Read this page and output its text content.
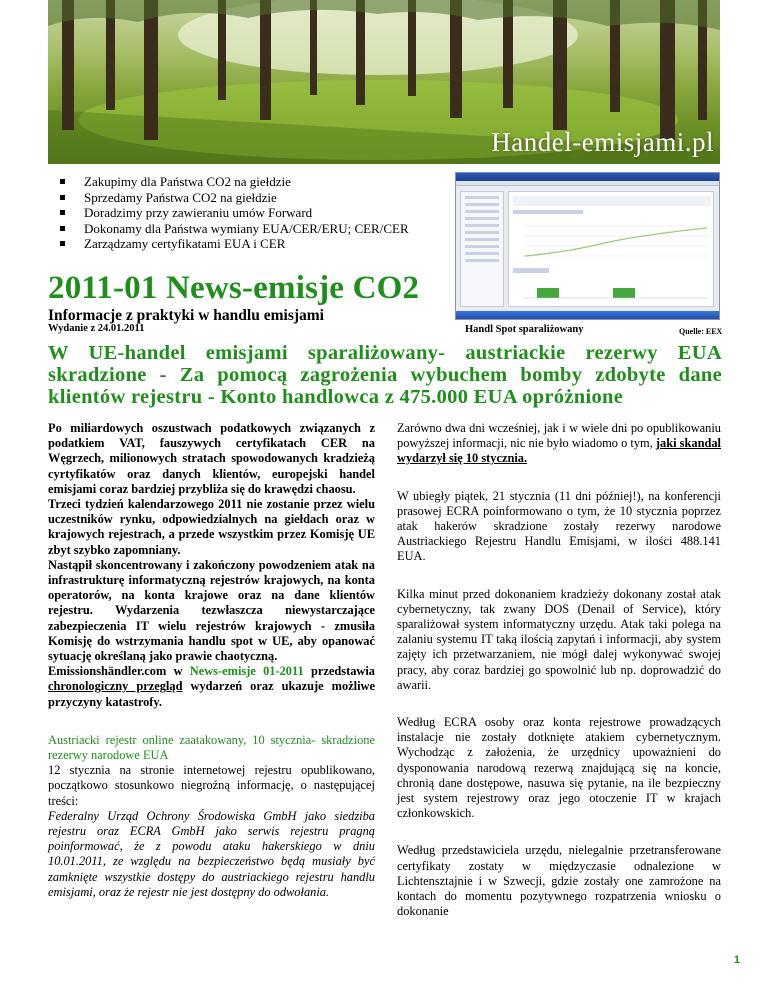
Handel-emisjami.pl
Zakupimy dla Państwa CO2 na giełdzie
Sprzedamy Państwa CO2 na giełdzie
Doradzimy przy zawieraniu umów Forward
Dokonamy dla Państwa wymiany EUA/CER/ERU; CER/CER
Zarządzamy certyfikatami EUA i CER
2011-01 News-emisje CO2
Informacje z praktyki w handlu emisjami
Wydanie z 24.01.2011	Handl Spot sparaliżowany	Quelle: EEX
W UE-handel emisjami sparaliżowany- austriackie rezerwy EUA skradzione - Za pomocą zagrożenia wybuchem bomby zdobyte dane klientów rejestru - Konto handlowca z 475.000 EUA opróżnione

Po miliardowych oszustwach podatkowych związanych z podatkiem VAT, fauszywych certyfikatach CER na Węgrzech, milionowych stratach spowodowanych kradzieżą cyrtyfikatów oraz danych klientów, europejski handel emisjami coraz bardziej przybliża się do krawędzi chaosu.

Trzeci tydzień kalendarzowego 2011 nie zostanie przez wielu uczestników rynku, odpowiedzialnych na giełdach oraz w krajowych rejestrach, a przede wszystkim przez Komisję UE zbyt szybko zapomniany.

Nastąpił skoncentrowany i zakończony powodzeniem atak na infrastrukturę informatyczną rejestrów krajowych, na konta operatorów, na konta krajowe oraz na dane klientów rejestru. Wydarzenia tezwłaszcza niewystarczające zabezpieczenia IT wielu rejestrów krajowych - zmusiła Komisję do wstrzymania handlu spot w UE, aby opanować sytuację określaną jako prawie chaotyczną.

Emissionshändler.com w News-emisje 01-2011 przedstawia chronologiczny przegląd wydarzeń oraz ukazuje możliwe przyczyny katastrofy.

Austriacki rejestr online zaatakowany, 10 stycznia- skradzione rezerwy narodowe EUA

12 stycznia na stronie internetowej rejestru opublikowano, początkowo stosunkowo niegroźną informację, o następującej treści:

Federalny Urząd Ochrony Środowiska GmbH jako siedziba rejestru oraz ECRA GmbH jako serwis rejestru pragną poinformować, że z powodu ataku hakerskiego w dniu 10.01.2011, ze względu na bezpieczeństwo będą musiały być zamknięte wszystkie dostępy do austriackiego rejestru handlu emisjami, oraz że rejestr nie jest dostępny do odwołania.

Zarówno dwa dni wcześniej, jak i w wiele dni po opublikowaniu powyższej informacji, nic nie było wiadomo o tym, jaki skandal wydarzył się 10 stycznia.

W ubiegły piątek, 21 stycznia (11 dni później!), na konferencji prasowej ECRA poinformowano o tym, że 10 stycznia poprzez atak hakerów skradzione zostały rezerwy narodowe Austriackiego Rejestru Handlu Emisjami, w ilości 488.141 EUA.

Kilka minut przed dokonaniem kradzieży dokonany został atak cybernetyczny, tak zwany DOS (Denail of Service), który sparaliżował system informatyczny urzędu. Atak taki polega na zalaniu systemu IT taką ilością zapytań i informacji, aby system zajęty ich przetwarzaniem, nie mógł dalej wykonywać swojej pracy, aby coraz bardziej go spowolnić lub np. doprowadzić do awarii.

Według ECRA osoby oraz konta rejestrowe prowadzących instalacje nie zostały dotknięte atakiem cybernetycznym. Wychodząc z założenia, że urzędnicy upoważnieni do dysponowania narodową rezerwą znajdującą się na koncie, chronią dane dostępowe, nasuwa się pytanie, na ile bezpieczny jest system rejestrowy oraz jego otoczenie IT w krajach członkowskich.

Według przedstawiciela urzędu, nielegalnie przetransferowane certyfikaty zostaty w międzyczasie odnalezione w Lichtensztajnie i w Szwecji, gdzie zostały one zamrożone na kontach do momentu pozytywnego rozpatrzenia wniosku o dokonanie

1
